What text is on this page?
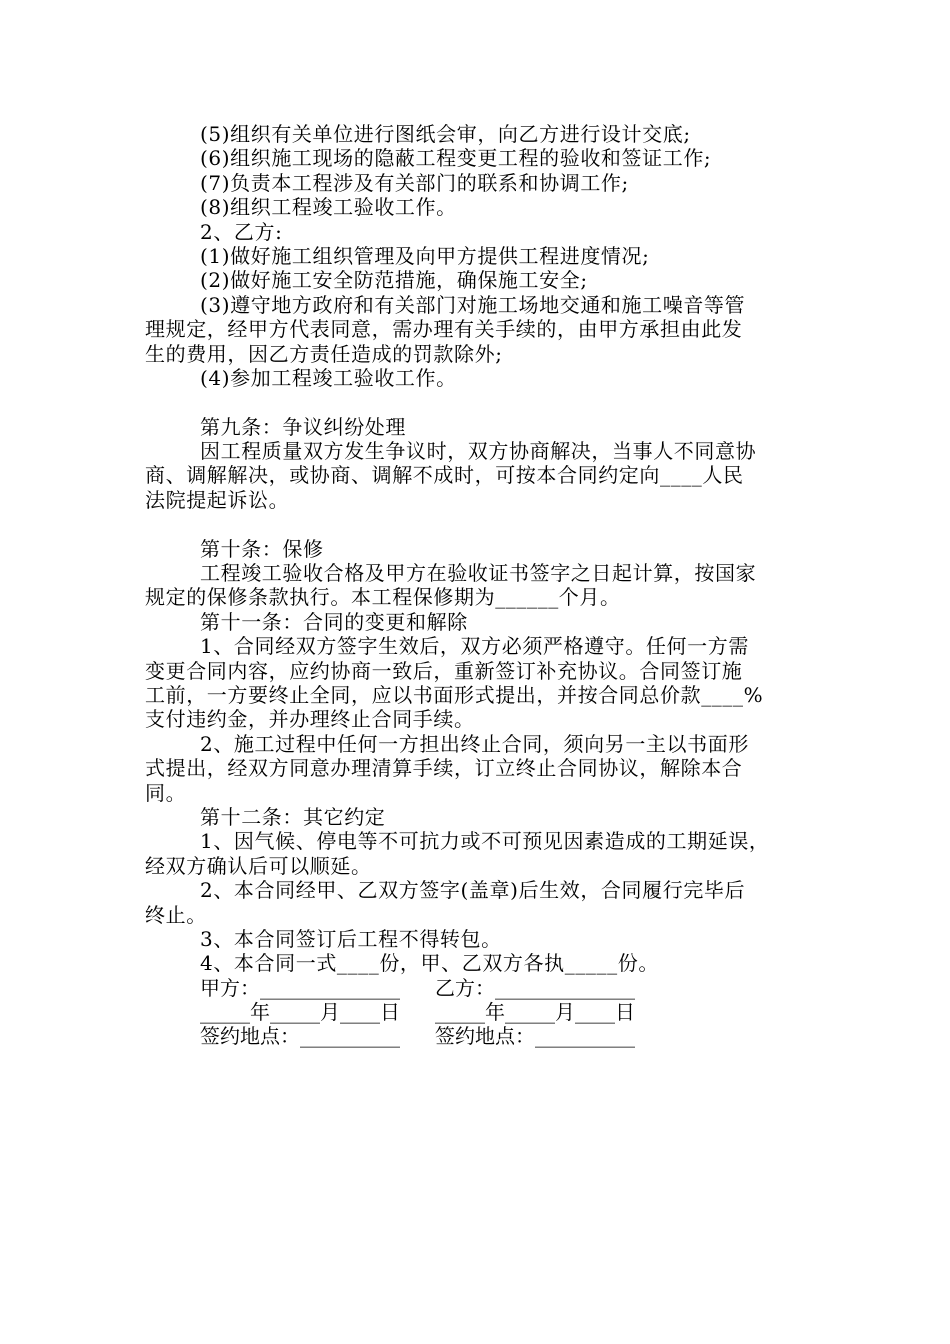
(5)组织有关单位进行图纸会审，向乙方进行设计交底;
(6)组织施工现场的隐蔽工程变更工程的验收和签证工作;
(7)负责本工程涉及有关部门的联系和协调工作;
(8)组织工程竣工验收工作。
2、乙方:
(1)做好施工组织管理及向甲方提供工程进度情况;
(2)做好施工安全防范措施，确保施工安全;
(3)遵守地方政府和有关部门对施工场地交通和施工噪音等管
理规定，经甲方代表同意，需办理有关手续的，由甲方承担由此发
生的费用，因乙方责任造成的罚款除外;
(4)参加工程竣工验收工作。
第九条：争议纠纷处理
因工程质量双方发生争议时，双方协商解决，当事人不同意协
商、调解解决，或协商、调解不成时，可按本合同约定向____人民
法院提起诉讼。
第十条：保修
工程竣工验收合格及甲方在验收证书签字之日起计算，按国家
规定的保修条款执行。本工程保修期为______个月。
第十一条：合同的变更和解除
1、合同经双方签字生效后，双方必须严格遵守。任何一方需
变更合同内容，应约协商一致后，重新签订补充协议。合同签订施
工前，一方要终止全同，应以书面形式提出，并按合同总价款____%
支付违约金，并办理终止合同手续。
2、施工过程中任何一方担出终止合同，须向另一主以书面形
式提出，经双方同意办理清算手续，订立终止合同协议，解除本合
同。
第十二条：其它约定
1、因气候、停电等不可抗力或不可预见因素造成的工期延误，
经双方确认后可以顺延。
2、本合同经甲、乙双方签字(盖章)后生效，合同履行完毕后
终止。
3、本合同签订后工程不得转包。
4、本合同一式____份，甲、乙双方各执_____份。
甲方：______________ 乙方：______________
_____年_____月____日 _____年_____月____日
签约地点：__________ 签约地点：__________
